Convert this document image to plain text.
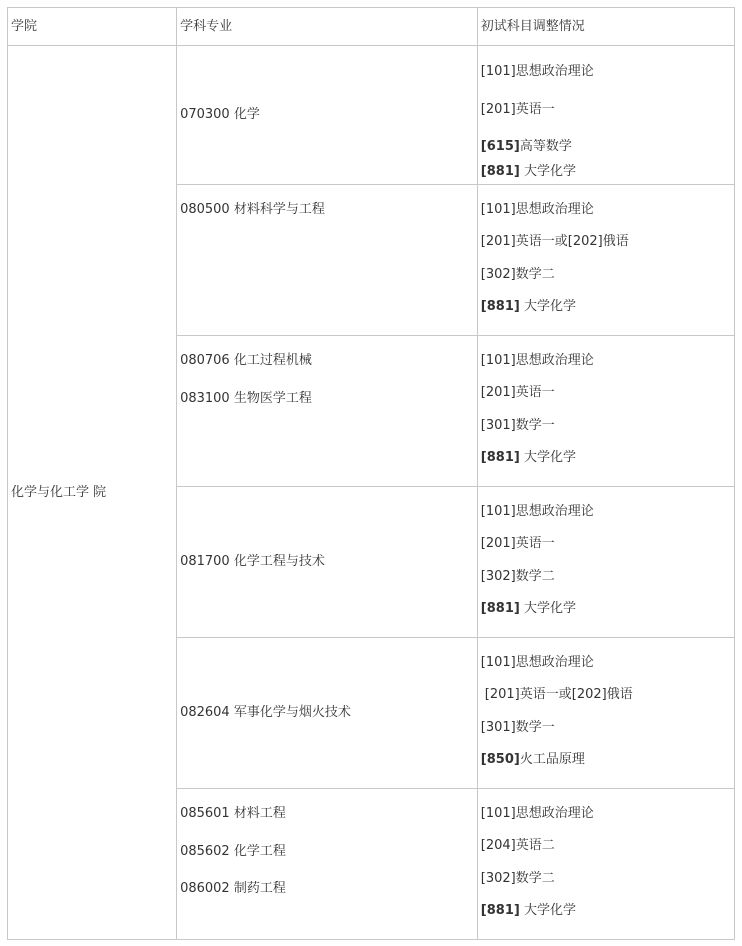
学院	学科专业	初试科目调整情况
化学与化工学 院	070300 化学	[101]思想政治理论
[201]英语一
[615]高等数学
[881] 大学化学

	080500 材料科学与工程	[101]思想政治理论
[201]英语一或[202]俄语
[302]数学二
[881] 大学化学

	080706 化工过程机械
083100 生物医学工程	[101]思想政治理论
[201]英语一
[301]数学一
[881] 大学化学

	081700 化学工程与技术	[101]思想政治理论
[201]英语一
[302]数学二
[881] 大学化学

	082604 军事化学与烟火技术	[101]思想政治理论
[201]英语一或[202]俄语
[301]数学一
[850]火工品原理

	085601 材料工程
085602 化学工程
086002 制药工程	[101]思想政治理论
[204]英语二
[302]数学二
[881] 大学化学
